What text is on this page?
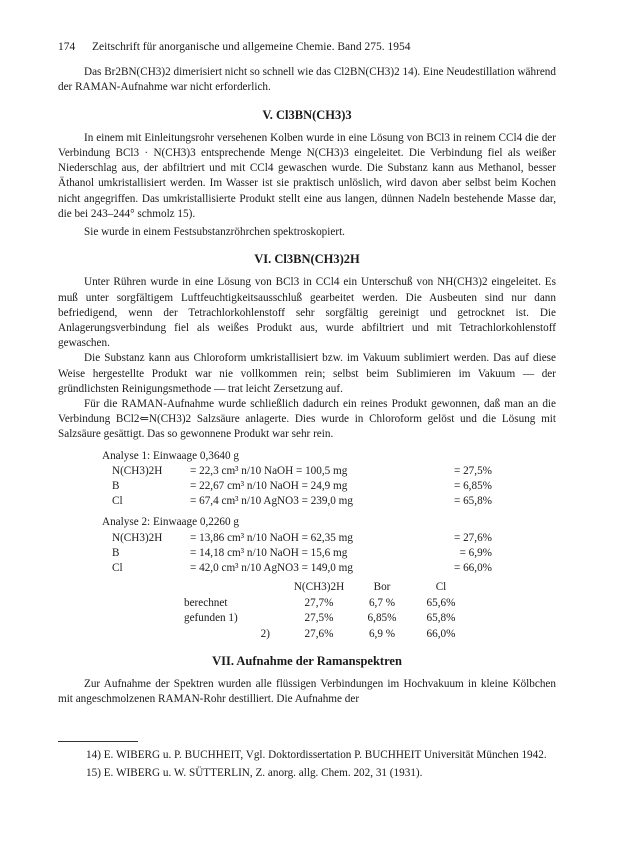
174	Zeitschrift für anorganische und allgemeine Chemie. Band 275. 1954

Das Br2BN(CH3)2 dimerisiert nicht so schnell wie das Cl2BN(CH3)2 14). Eine Neudestillation während der RAMAN-Aufnahme war nicht erforderlich.

V. Cl3BN(CH3)3

In einem mit Einleitungsrohr versehenen Kolben wurde in eine Lösung von BCl3 in reinem CCl4 die der Verbindung BCl3 · N(CH3)3 entsprechende Menge N(CH3)3 eingeleitet. Die Verbindung fiel als weißer Niederschlag aus, der abfiltriert und mit CCl4 gewaschen wurde. Die Substanz kann aus Methanol, besser Äthanol umkristallisiert werden. Im Wasser ist sie praktisch unlöslich, wird davon aber selbst beim Kochen nicht angegriffen. Das umkristallisierte Produkt stellt eine aus langen, dünnen Nadeln bestehende Masse dar, die bei 243–244° schmolz 15).

Sie wurde in einem Festsubstanzröhrchen spektroskopiert.

VI. Cl3BN(CH3)2H

Unter Rühren wurde in eine Lösung von BCl3 in CCl4 ein Unterschuß von NH(CH3)2 eingeleitet. Es muß unter sorgfältigem Luftfeuchtigkeitsausschluß gearbeitet werden. Die Ausbeuten sind nur dann befriedigend, wenn der Tetrachlorkohlenstoff sehr sorgfältig gereinigt und getrocknet ist. Die Anlagerungsverbindung fiel als weißes Produkt aus, wurde abfiltriert und mit Tetrachlorkohlenstoff gewaschen.

Die Substanz kann aus Chloroform umkristallisiert bzw. im Vakuum sublimiert werden. Das auf diese Weise hergestellte Produkt war nie vollkommen rein; selbst beim Sublimieren im Vakuum — der gründlichsten Reinigungsmethode — trat leicht Zersetzung auf.

Für die RAMAN-Aufnahme wurde schließlich dadurch ein reines Produkt gewonnen, daß man an die Verbindung BCl2⇐N(CH3)2 Salzsäure anlagerte. Dies wurde in Chloroform gelöst und die Lösung mit Salzsäure gesättigt. Das so gewonnene Produkt war sehr rein.

Analyse 1: Einwaage 0,3640 g
N(CH3)2H	= 22,3 cm³ n/10 NaOH = 100,5 mg	= 27,5%
B	= 22,67 cm³ n/10 NaOH = 24,9 mg	= 6,85%
Cl	= 67,4 cm³ n/10 AgNO3 = 239,0 mg	= 65,8%
Analyse 2: Einwaage 0,2260 g
N(CH3)2H	= 13,86 cm³ n/10 NaOH = 62,35 mg	= 27,6%
B	= 14,18 cm³ n/10 NaOH = 15,6 mg	= 6,9%
Cl	= 42,0 cm³ n/10 AgNO3 = 149,0 mg	= 66,0%
	N(CH3)2H	Bor	Cl
berechnet	27,7%	6,7 %	65,6%
gefunden 1)	27,5%	6,85%	65,8%
2)	27,6%	6,9 %	66,0%
VII. Aufnahme der Ramanspektren

Zur Aufnahme der Spektren wurden alle flüssigen Verbindungen im Hochvakuum in kleine Kölbchen mit angeschmolzenen RAMAN-Rohr destilliert. Die Aufnahme der

14) E. WIBERG u. P. BUCHHEIT, Vgl. Doktordissertation P. BUCHHEIT Universität München 1942.
15) E. WIBERG u. W. SÜTTERLIN, Z. anorg. allg. Chem. 202, 31 (1931).
